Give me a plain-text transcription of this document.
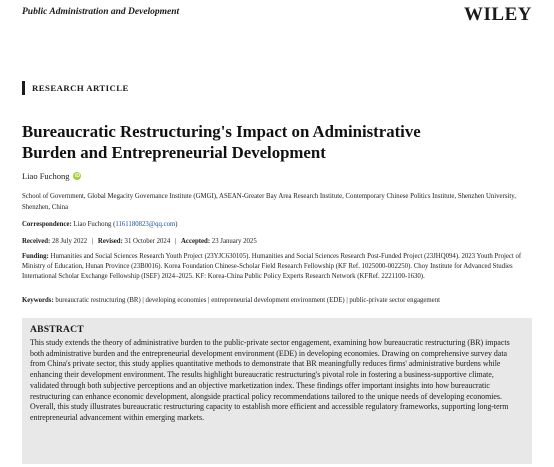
Public Administration and Development	WILEY
RESEARCH ARTICLE
Bureaucratic Restructuring's Impact on Administrative
Burden and Entrepreneurial Development
Liao Fuchong	iD
School of Government, Global Megacity Governance Institute (GMGI), ASEAN-Greater Bay Area Research Institute, Contemporary Chinese Politics Institute, Shenzhen University, Shenzhen, China
Correspondence: Liao Fuchong (1161180823@qq.com)
Received: 28 July 2022 | Revised: 31 October 2024 | Accepted: 23 January 2025
Funding: Humanities and Social Sciences Research Youth Project (23YJC630105). Humanities and Social Sciences Research Post-Funded Project (23JHQ094). 2023 Youth Project of Ministry of Education, Hunan Province (23B0016). Korea Foundation Chinese-Scholar Field Research Fellowship (KF Ref. 1025000-002250). Choy Institute for Advanced Studies International Scholar Exchange Fellowship (ISEF) 2024–2025. KF: Korea-China Public Policy Experts Research Network (KFRef. 2221100-1630).
Keywords: bureaucratic restructuring (BR) | developing economies | entrepreneurial development environment (EDE) | public-private sector engagement
ABSTRACT
This study extends the theory of administrative burden to the public-private sector engagement, examining how bureaucratic restructuring (BR) impacts both administrative burden and the entrepreneurial development environment (EDE) in developing economies. Drawing on comprehensive survey data from China's private sector, this study applies quantitative methods to demonstrate that BR meaningfully reduces firms' administrative burdens while enhancing their development environment. The results highlight bureaucratic restructuring's pivotal role in fostering a business-supportive climate, validated through both subjective perceptions and an objective marketization index. These findings offer important insights into how bureaucratic restructuring can enhance economic development, alongside practical policy recommendations tailored to the unique needs of developing economies. Overall, this study illustrates bureaucratic restructuring capacity to establish more efficient and accessible regulatory frameworks, supporting long-term entrepreneurial advancement within emerging markets.
